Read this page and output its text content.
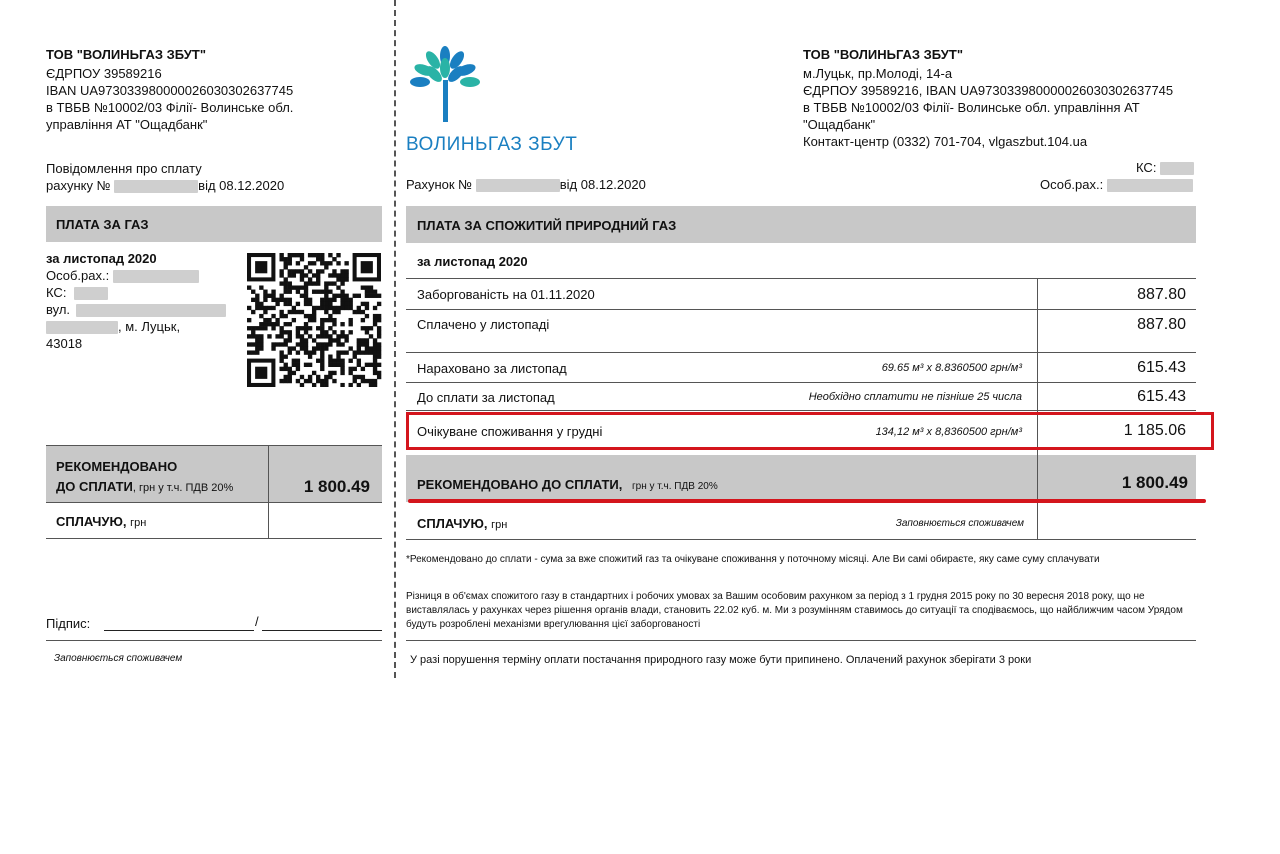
ТОВ "ВОЛИНЬГАЗ ЗБУТ"
ЄДРПОУ 39589216
IBAN UA973033980000026030302637745
в ТВБВ №10002/03 Філії- Волинське обл.
управління АТ "Ощадбанк"
Повідомлення про сплату
рахунку №	від 08.12.2020
ПЛАТА ЗА ГАЗ
за листопад 2020
Особ.рах.:
КС:
вул.
, м. Луцьк,
43018
РЕКОМЕНДОВАНО
ДО СПЛАТИ, грн у т.ч. ПДВ 20%	1 800.49
СПЛАЧУЮ, грн
Підпис:	/
Заповнюється споживачем
ВОЛИНЬГАЗ ЗБУТ
ТОВ "ВОЛИНЬГАЗ ЗБУТ"
м.Луцьк, пр.Молоді, 14-а
ЄДРПОУ 39589216, IBAN UA973033980000026030302637745
в ТВБВ №10002/03 Філії- Волинське обл. управління АТ
"Ощадбанк"
Контакт-центр (0332) 701-704, vlgaszbut.104.ua
КС:
Рахунок №	від 08.12.2020	Особ.рах.:
ПЛАТА ЗА СПОЖИТИЙ ПРИРОДНИЙ ГАЗ
за листопад 2020
Заборгованість на 01.11.2020	887.80
Сплачено у листопаді	887.80
Нараховано за листопад	69.65 м³ x 8.8360500 грн/м³	615.43
До сплати за листопад	Необхідно сплатити не пізніше 25 числа	615.43
Очікуване споживання у грудні	134,12 м³ x 8,8360500 грн/м³	1 185.06
РЕКОМЕНДОВАНО ДО СПЛАТИ, грн у т.ч. ПДВ 20%	1 800.49
СПЛАЧУЮ, грн	Заповнюється споживачем
*Рекомендовано до сплати - сума за вже спожитий газ та очікуване споживання у поточному місяці. Але Ви самі обираєте, яку саме суму сплачувати
Різниця в об'ємах спожитого газу в стандартних і робочих умовах за Вашим особовим рахунком за період з 1 грудня 2015 року по 30 вересня 2018 року, що не виставлялась у рахунках через рішення органів влади, становить 22.02 куб. м. Ми з розумінням ставимось до ситуації та сподіваємось, що найближчим часом Урядом будуть розроблені механізми врегулювання цієї заборгованості
У разі порушення терміну оплати постачання природного газу може бути припинено. Оплачений рахунок зберігати 3 роки
